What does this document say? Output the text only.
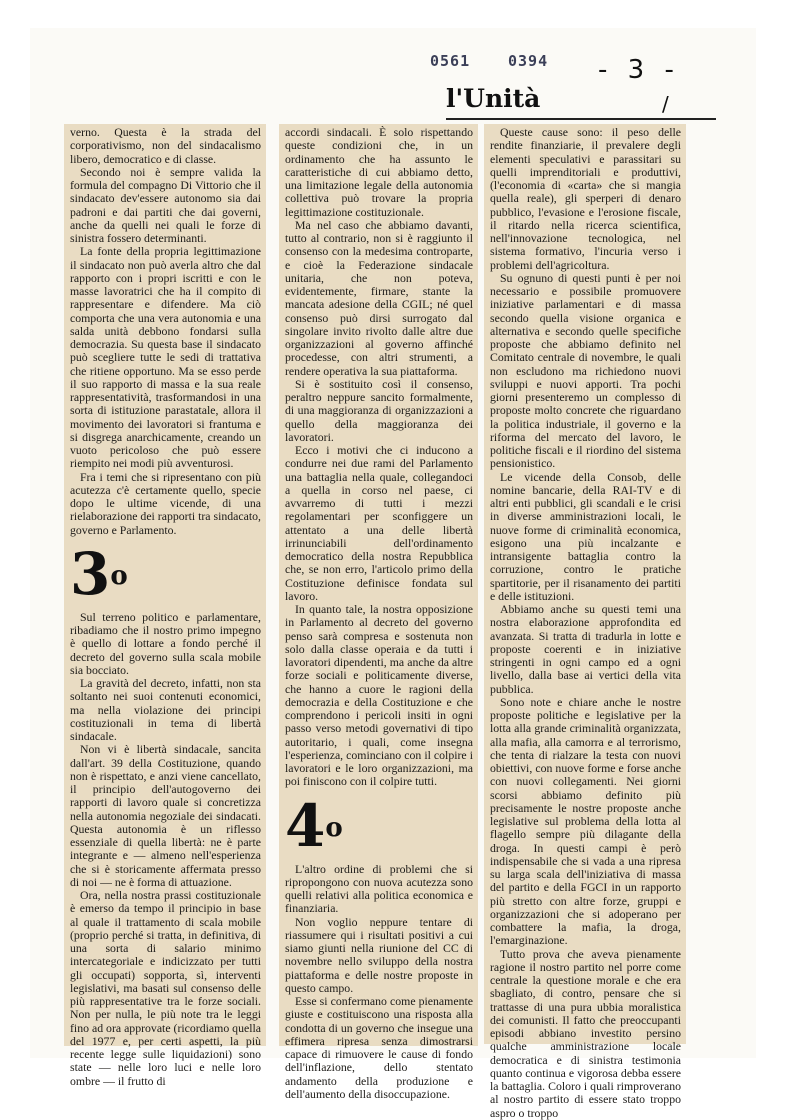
0561	0394 - 3 -
/
l'Unità

verno. Questa è la strada del corporativismo, non del sindacalismo libero, democratico e di classe.

Secondo noi è sempre valida la formula del compagno Di Vittorio che il sindacato dev'essere autonomo sia dai padroni e dai partiti che dai governi, anche da quelli nei quali le forze di sinistra fossero determinanti.

La fonte della propria legittimazione il sindacato non può averla altro che dal rapporto con i propri iscritti e con le masse lavoratrici che ha il compito di rappresentare e difendere. Ma ciò comporta che una vera autonomia e una salda unità debbono fondarsi sulla democrazia. Su questa base il sindacato può scegliere tutte le sedi di trattativa che ritiene opportuno. Ma se esso perde il suo rapporto di massa e la sua reale rappresentatività, trasformandosi in una sorta di istituzione parastatale, allora il movimento dei lavoratori si frantuma e si disgrega anarchicamente, creando un vuoto pericoloso che può essere riempito nei modi più avventurosi.

Fra i temi che si ripresentano con più acutezza c'è certamente quello, specie dopo le ultime vicende, di una rielaborazione dei rapporti tra sindacato, governo e Parlamento.

3$^o$

Sul terreno politico e parlamentare, ribadiamo che il nostro primo impegno è quello di lottare a fondo perché il decreto del governo sulla scala mobile sia bocciato.

La gravità del decreto, infatti, non sta soltanto nei suoi contenuti economici, ma nella violazione dei principi costituzionali in tema di libertà sindacale.

Non vi è libertà sindacale, sancita dall'art. 39 della Costituzione, quando non è rispettato, e anzi viene cancellato, il principio dell'autogoverno dei rapporti di lavoro quale si concretizza nella autonomia negoziale dei sindacati. Questa autonomia è un riflesso essenziale di quella libertà: ne è parte integrante e — almeno nell'esperienza che si è storicamente affermata presso di noi — ne è forma di attuazione.

Ora, nella nostra prassi costituzionale è emerso da tempo il principio in base al quale il trattamento di scala mobile (proprio perché si tratta, in definitiva, di una sorta di salario minimo intercategoriale e indicizzato per tutti gli occupati) sopporta, sì, interventi legislativi, ma basati sul consenso delle più rappresentative tra le forze sociali. Non per nulla, le più note tra le leggi fino ad ora approvate (ricordiamo quella del 1977 e, per certi aspetti, la più recente legge sulle liquidazioni) sono state — nelle loro luci e nelle loro ombre — il frutto di

accordi sindacali. È solo rispettando queste condizioni che, in un ordinamento che ha assunto le caratteristiche di cui abbiamo detto, una limitazione legale della autonomia collettiva può trovare la propria legittimazione costituzionale.

Ma nel caso che abbiamo davanti, tutto al contrario, non si è raggiunto il consenso con la medesima controparte, e cioè la Federazione sindacale unitaria, che non poteva, evidentemente, firmare, stante la mancata adesione della CGIL; né quel consenso può dirsi surrogato dal singolare invito rivolto dalle altre due organizzazioni al governo affinché procedesse, con altri strumenti, a rendere operativa la sua piattaforma.

Si è sostituito così il consenso, peraltro neppure sancito formalmente, di una maggioranza di organizzazioni a quello della maggioranza dei lavoratori.

Ecco i motivi che ci inducono a condurre nei due rami del Parlamento una battaglia nella quale, collegandoci a quella in corso nel paese, ci avvarremo di tutti i mezzi regolamentari per sconfiggere un attentato a una delle libertà irrinunciabili dell'ordinamento democratico della nostra Repubblica che, se non erro, l'articolo primo della Costituzione definisce fondata sul lavoro.

In quanto tale, la nostra opposizione in Parlamento al decreto del governo penso sarà compresa e sostenuta non solo dalla classe operaia e da tutti i lavoratori dipendenti, ma anche da altre forze sociali e politicamente diverse, che hanno a cuore le ragioni della democrazia e della Costituzione e che comprendono i pericoli insiti in ogni passo verso metodi governativi di tipo autoritario, i quali, come insegna l'esperienza, cominciano con il colpire i lavoratori e le loro organizzazioni, ma poi finiscono con il colpire tutti.

4$^o$

L'altro ordine di problemi che si ripropongono con nuova acutezza sono quelli relativi alla politica economica e finanziaria.

Non voglio neppure tentare di riassumere qui i risultati positivi a cui siamo giunti nella riunione del CC di novembre nello sviluppo della nostra piattaforma e delle nostre proposte in questo campo.

Esse si confermano come pienamente giuste e costituiscono una risposta alla condotta di un governo che insegue una effimera ripresa senza dimostrarsi capace di rimuovere le cause di fondo dell'inflazione, dello stentato andamento della produzione e dell'aumento della disoccupazione.

Queste cause sono: il peso delle rendite finanziarie, il prevalere degli elementi speculativi e parassitari su quelli imprenditoriali e produttivi, (l'economia di «carta» che si mangia quella reale), gli sperperi di denaro pubblico, l'evasione e l'erosione fiscale, il ritardo nella ricerca scientifica, nell'innovazione tecnologica, nel sistema formativo, l'incuria verso i problemi dell'agricoltura.

Su ognuno di questi punti è per noi necessario e possibile promuovere iniziative parlamentari e di massa secondo quella visione organica e alternativa e secondo quelle specifiche proposte che abbiamo definito nel Comitato centrale di novembre, le quali non escludono ma richiedono nuovi sviluppi e nuovi apporti. Tra pochi giorni presenteremo un complesso di proposte molto concrete che riguardano la politica industriale, il governo e la riforma del mercato del lavoro, le politiche fiscali e il riordino del sistema pensionistico.

Le vicende della Consob, delle nomine bancarie, della RAI-TV e di altri enti pubblici, gli scandali e le crisi in diverse amministrazioni locali, le nuove forme di criminalità economica, esigono una più incalzante e intransigente battaglia contro la corruzione, contro le pratiche spartitorie, per il risanamento dei partiti e delle istituzioni.

Abbiamo anche su questi temi una nostra elaborazione approfondita ed avanzata. Si tratta di tradurla in lotte e proposte coerenti e in iniziative stringenti in ogni campo ed a ogni livello, dalla base ai vertici della vita pubblica.

Sono note e chiare anche le nostre proposte politiche e legislative per la lotta alla grande criminalità organizzata, alla mafia, alla camorra e al terrorismo, che tenta di rialzare la testa con nuovi obiettivi, con nuove forme e forse anche con nuovi collegamenti. Nei giorni scorsi abbiamo definito più precisamente le nostre proposte anche legislative sul problema della lotta al flagello sempre più dilagante della droga. In questi campi è però indispensabile che si vada a una ripresa su larga scala dell'iniziativa di massa del partito e della FGCI in un rapporto più stretto con altre forze, gruppi e organizzazioni che si adoperano per combattere la mafia, la droga, l'emarginazione.

Tutto prova che aveva pienamente ragione il nostro partito nel porre come centrale la questione morale e che era sbagliato, di contro, pensare che si trattasse di una pura ubbia moralistica dei comunisti. Il fatto che preoccupanti episodi abbiano investito persino qualche amministrazione locale democratica e di sinistra testimonia quanto continua e vigorosa debba essere la battaglia. Coloro i quali rimproverano al nostro partito di essere stato troppo aspro o troppo
